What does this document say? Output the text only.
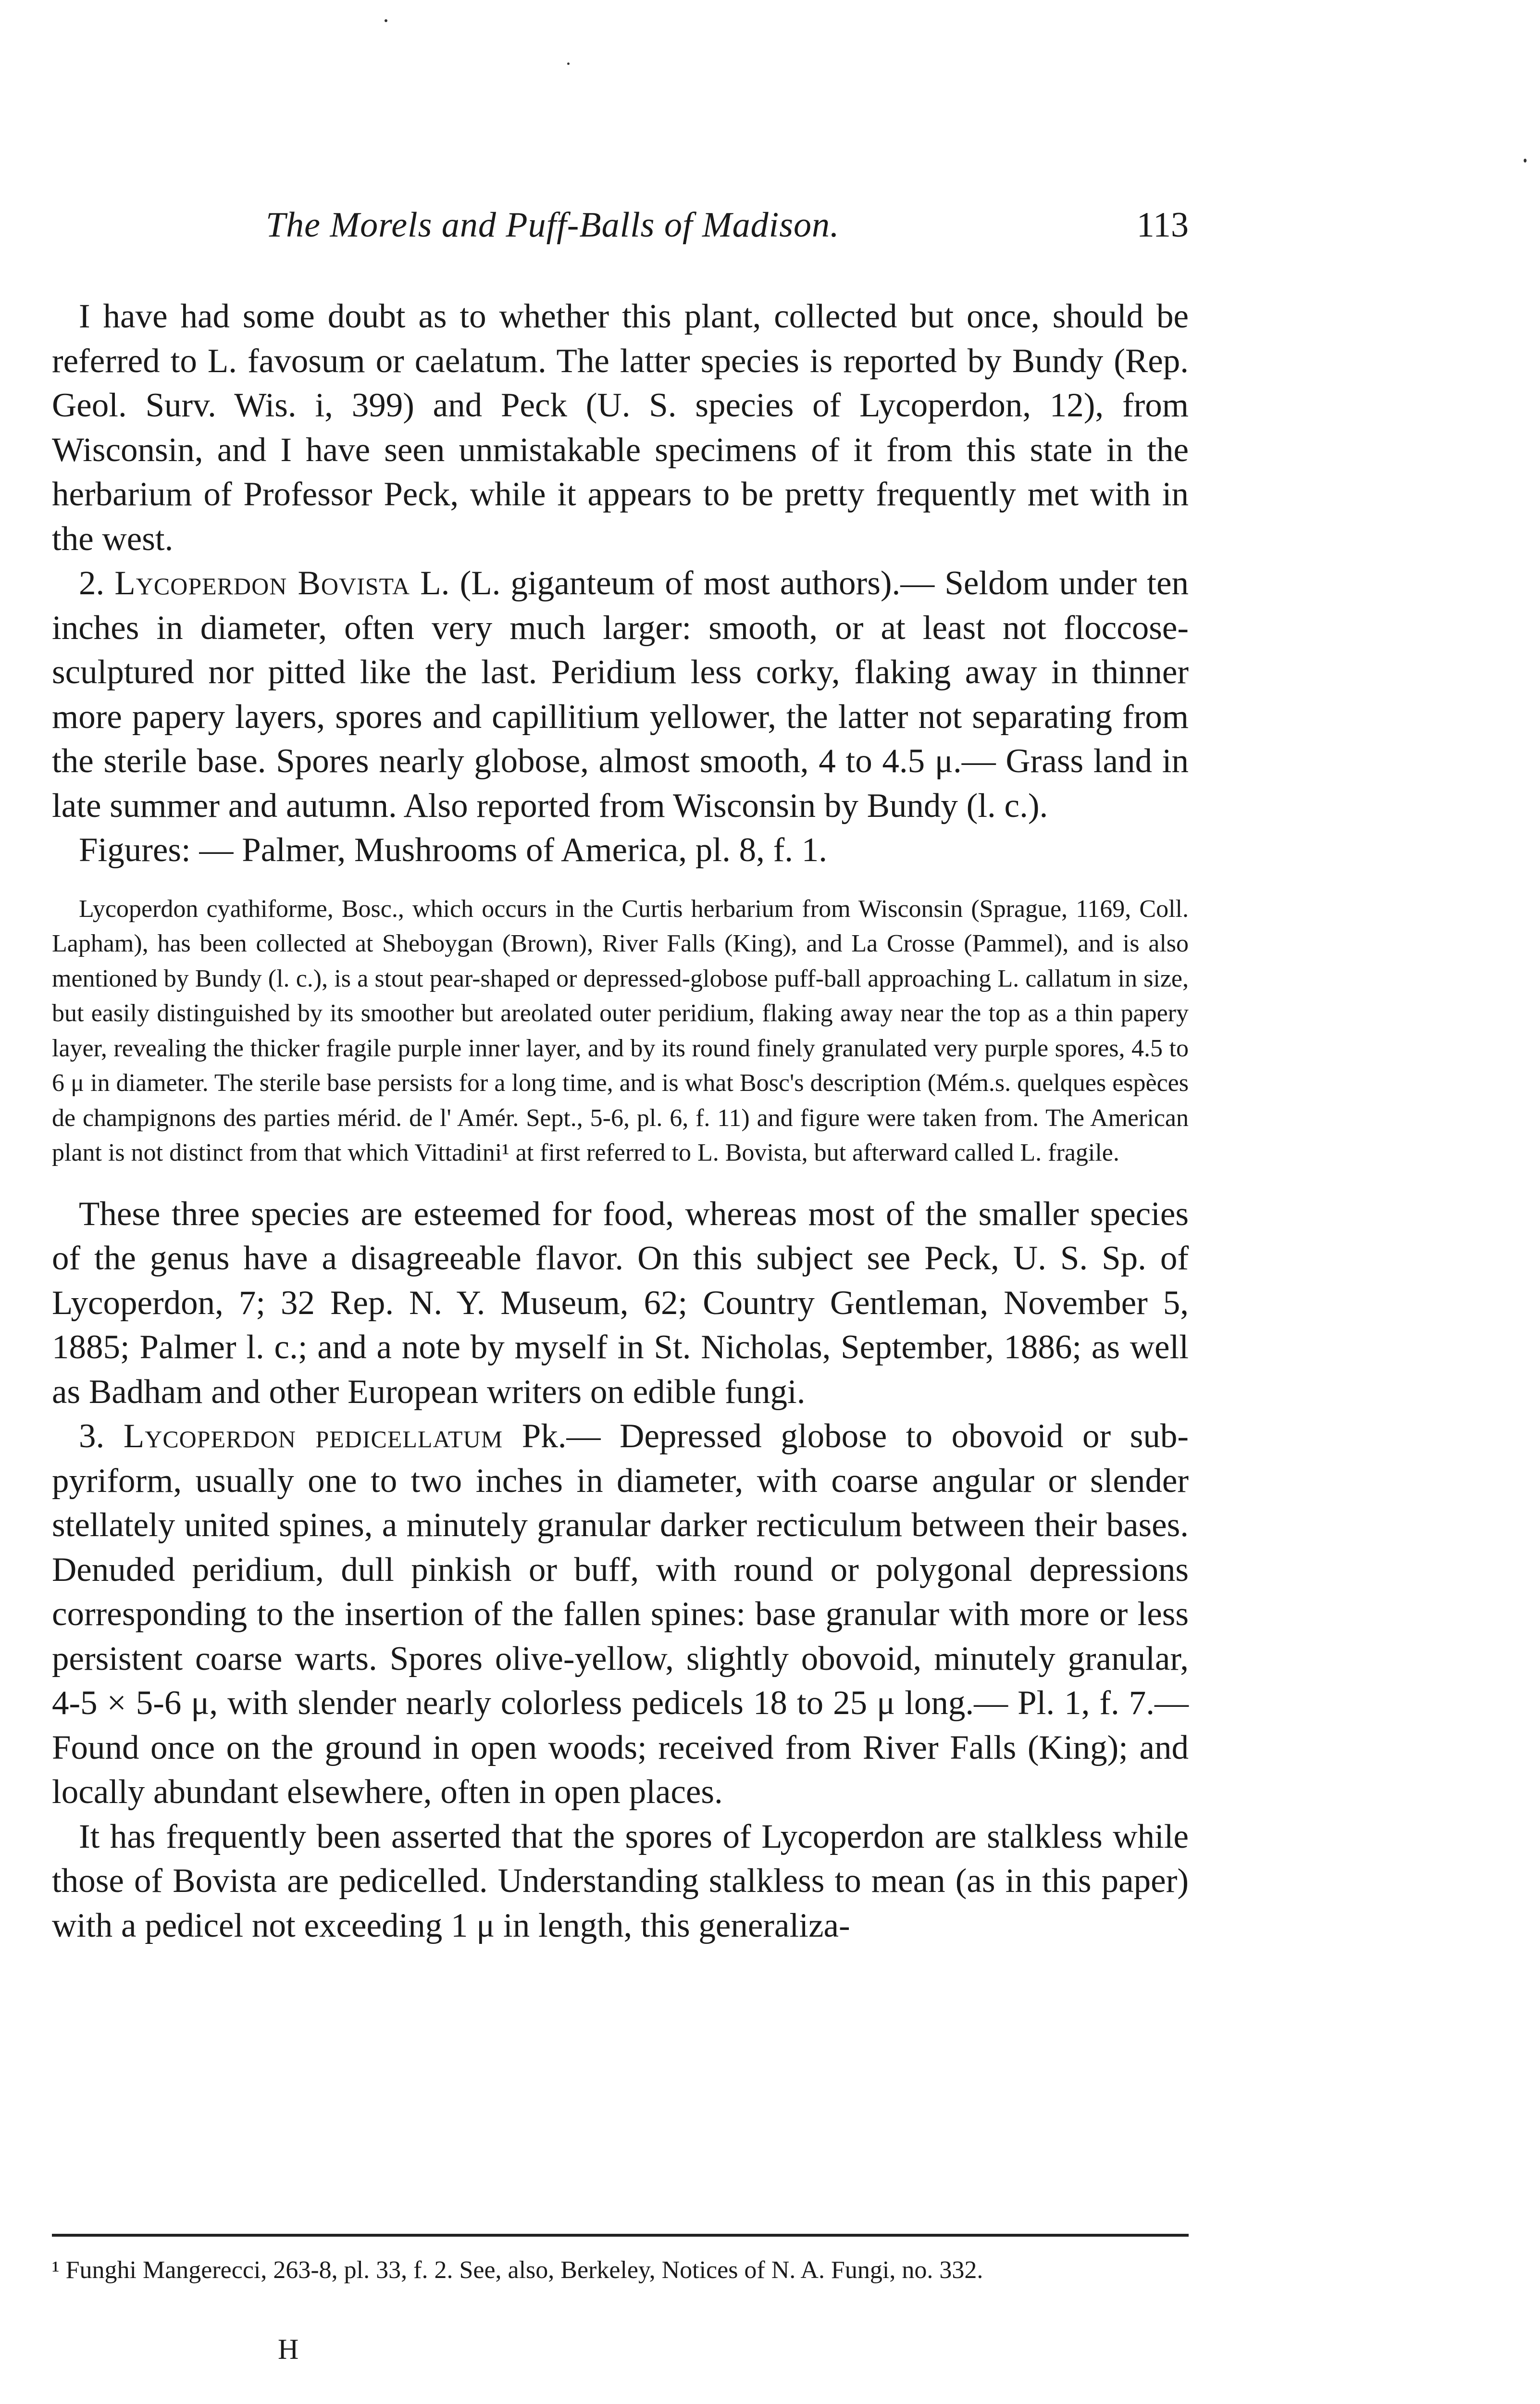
The Morels and Puff-Balls of Madison.	113

I have had some doubt as to whether this plant, collected but once, should be referred to L. favosum or caelatum. The latter species is reported by Bundy (Rep. Geol. Surv. Wis. i, 399) and Peck (U. S. species of Lycoperdon, 12), from Wisconsin, and I have seen unmistakable specimens of it from this state in the herbarium of Professor Peck, while it appears to be pretty frequently met with in the west.

2. Lycoperdon Bovista L. (L. giganteum of most authors).— Seldom under ten inches in diameter, often very much larger: smooth, or at least not floccose-sculptured nor pitted like the last. Peridium less corky, flaking away in thinner more papery layers, spores and capillitium yellower, the latter not separating from the sterile base. Spores nearly globose, almost smooth, 4 to 4.5 μ.— Grass land in late summer and autumn. Also reported from Wisconsin by Bundy (l. c.).

Figures: — Palmer, Mushrooms of America, pl. 8, f. 1.

Lycoperdon cyathiforme, Bosc., which occurs in the Curtis herbarium from Wisconsin (Sprague, 1169, Coll. Lapham), has been collected at Sheboygan (Brown), River Falls (King), and La Crosse (Pammel), and is also mentioned by Bundy (l. c.), is a stout pear-shaped or depressed-globose puff-ball approaching L. callatum in size, but easily distinguished by its smoother but areolated outer peridium, flaking away near the top as a thin papery layer, revealing the thicker fragile purple inner layer, and by its round finely granulated very purple spores, 4.5 to 6 μ in diameter. The sterile base persists for a long time, and is what Bosc's description (Mém.s. quelques espèces de champignons des parties mérid. de l' Amér. Sept., 5-6, pl. 6, f. 11) and figure were taken from. The American plant is not distinct from that which Vittadini¹ at first referred to L. Bovista, but afterward called L. fragile.

These three species are esteemed for food, whereas most of the smaller species of the genus have a disagreeable flavor. On this subject see Peck, U. S. Sp. of Lycoperdon, 7; 32 Rep. N. Y. Museum, 62; Country Gentleman, November 5, 1885; Palmer l. c.; and a note by myself in St. Nicholas, September, 1886; as well as Badham and other European writers on edible fungi.

3. Lycoperdon pedicellatum Pk.— Depressed globose to obovoid or sub-pyriform, usually one to two inches in diameter, with coarse angular or slender stellately united spines, a minutely granular darker recticulum between their bases. Denuded peridium, dull pinkish or buff, with round or polygonal depressions corresponding to the insertion of the fallen spines: base granular with more or less persistent coarse warts. Spores olive-yellow, slightly obovoid, minutely granular, 4-5 × 5-6 μ, with slender nearly colorless pedicels 18 to 25 μ long.— Pl. 1, f. 7.— Found once on the ground in open woods; received from River Falls (King); and locally abundant elsewhere, often in open places.

It has frequently been asserted that the spores of Lycoperdon are stalkless while those of Bovista are pedicelled. Understanding stalkless to mean (as in this paper) with a pedicel not exceeding 1 μ in length, this generaliza-

¹ Funghi Mangerecci, 263-8, pl. 33, f. 2. See, also, Berkeley, Notices of N. A. Fungi, no. 332.
H
